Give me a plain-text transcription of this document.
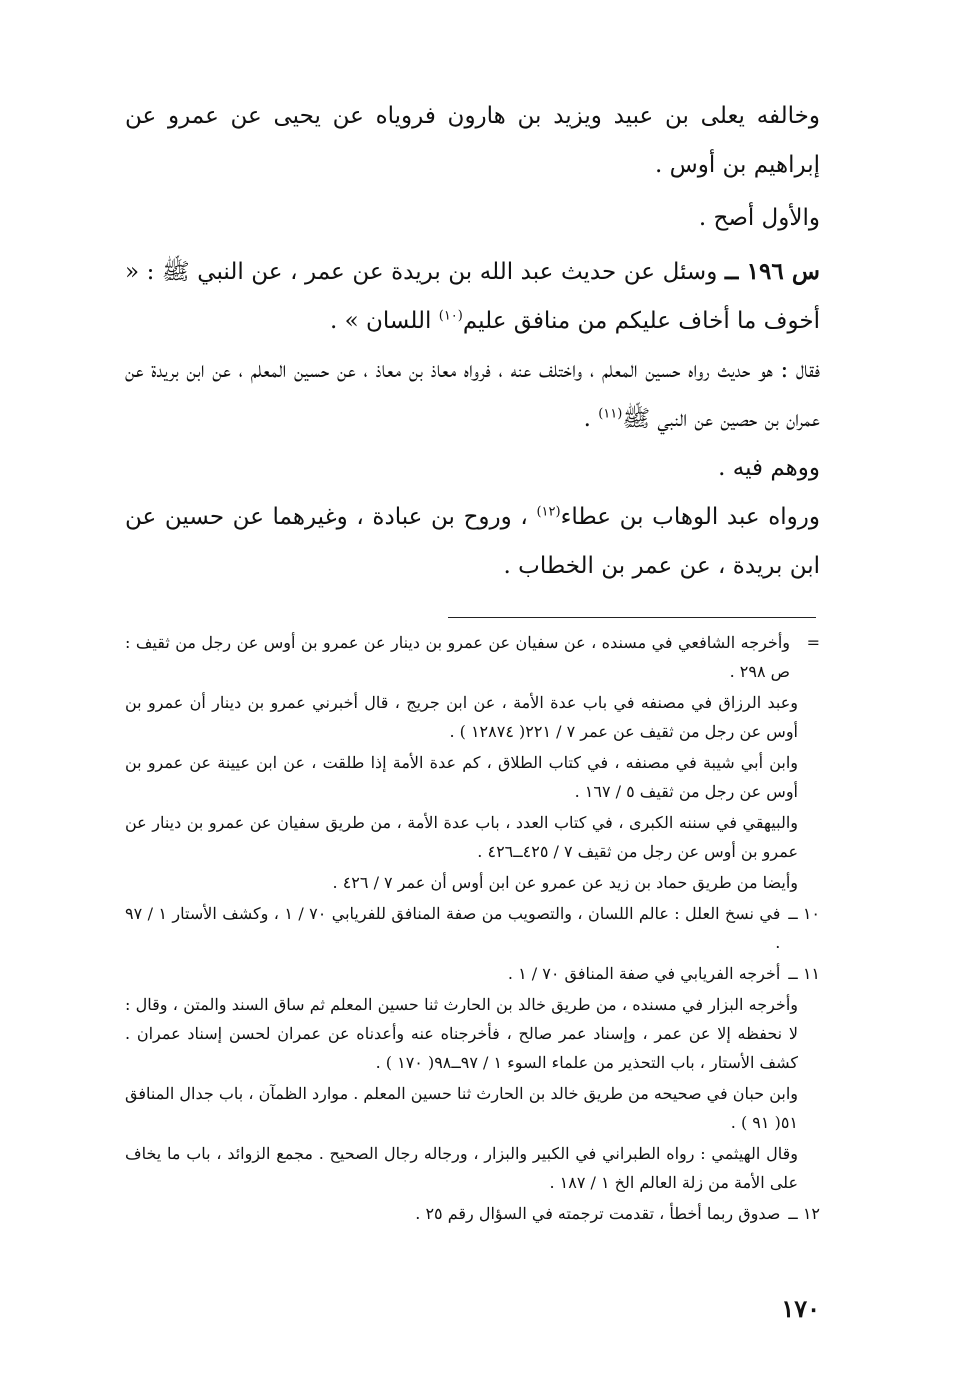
وخالفه يعلى بن عبيد ويزيد بن هارون فروياه عن يحيى عن عمرو عن إبراهيم بن أوس .

والأول أصح .

س ١٩٦ ــ وسئل عن حديث عبد الله بن بريدة عن عمر ، عن النبي ﷺ : « أخوف ما أخاف عليكم من منافق عليم$^{(١٠)}$ اللسان » .

فقال : هو حديث رواه حسين المعلم ، واختلف عنه ، فرواه معاذ بن معاذ ، عن حسين المعلم ، عن ابن بريدة عن عمران بن حصين عن النبي ﷺ$^{(١١)}$ .

ووهم فيه .

ورواه عبد الوهاب بن عطاء$^{(١٢)}$ ، وروح بن عبادة ، وغيرهما عن حسين عن ابن بريدة ، عن عمر بن الخطاب .

=
وأخرجه الشافعي في مسنده ، عن سفيان عن عمرو بن دينار عن عمرو بن أوس عن رجل من ثقيف : ص ٢٩٨ .
وعبد الرزاق في مصنفه في باب عدة الأمة ، عن ابن جريج ، قال أخبرني عمرو بن دينار أن عمرو بن أوس عن رجل من ثقيف عن عمر ٧ / ٢٢١( ١٢٨٧٤ ) .
وابن أبي شيبة في مصنفه ، في كتاب الطلاق ، كم عدة الأمة إذا طلقت ، عن ابن عيينة عن عمرو بن أوس عن رجل من ثقيف ٥ / ١٦٧ .
والبيهقي في سننه الكبرى ، في كتاب العدد ، باب عدة الأمة ، من طريق سفيان عن عمرو بن دينار عن عمرو بن أوس عن رجل من ثقيف ٧ / ٤٢٥ــ٤٢٦ .
وأيضا من طريق حماد بن زيد عن عمرو عن ابن أوس أن عمر ٧ / ٤٢٦ .
١٠ ــ
في نسخ العلل : عالم اللسان ، والتصويب من صفة المنافق للفريابي ٧٠ / ١ ، وكشف الأستار ١ / ٩٧ .
١١ ــ
أخرجه الفريابي في صفة المنافق ٧٠ / ١ .
وأخرجه البزار في مسنده ، من طريق خالد بن الحارث ثنا حسين المعلم ثم ساق السند والمتن ، وقال : لا نحفظه إلا عن عمر ، وإسناد عمر صالح ، فأخرجناه عنه وأعدناه عن عمران لحسن إسناد عمران . كشف الأستار ، باب التحذير من علماء السوء ١ / ٩٧ــ٩٨( ١٧٠ ) .
وابن حبان في صحيحه من طريق خالد بن الحارث ثنا حسين المعلم . موارد الظمآن ، باب جدال المنافق ٥١( ٩١ ) .
وقال الهيثمي : رواه الطبراني في الكبير والبزار ، ورجاله رجال الصحيح . مجمع الزوائد ، باب ما يخاف على الأمة من زلة العالم الخ ١ / ١٨٧ .
١٢ ــ
صدوق ربما أخطأ ، تقدمت ترجمته في السؤال رقم ٢٥ .
١٧٠
